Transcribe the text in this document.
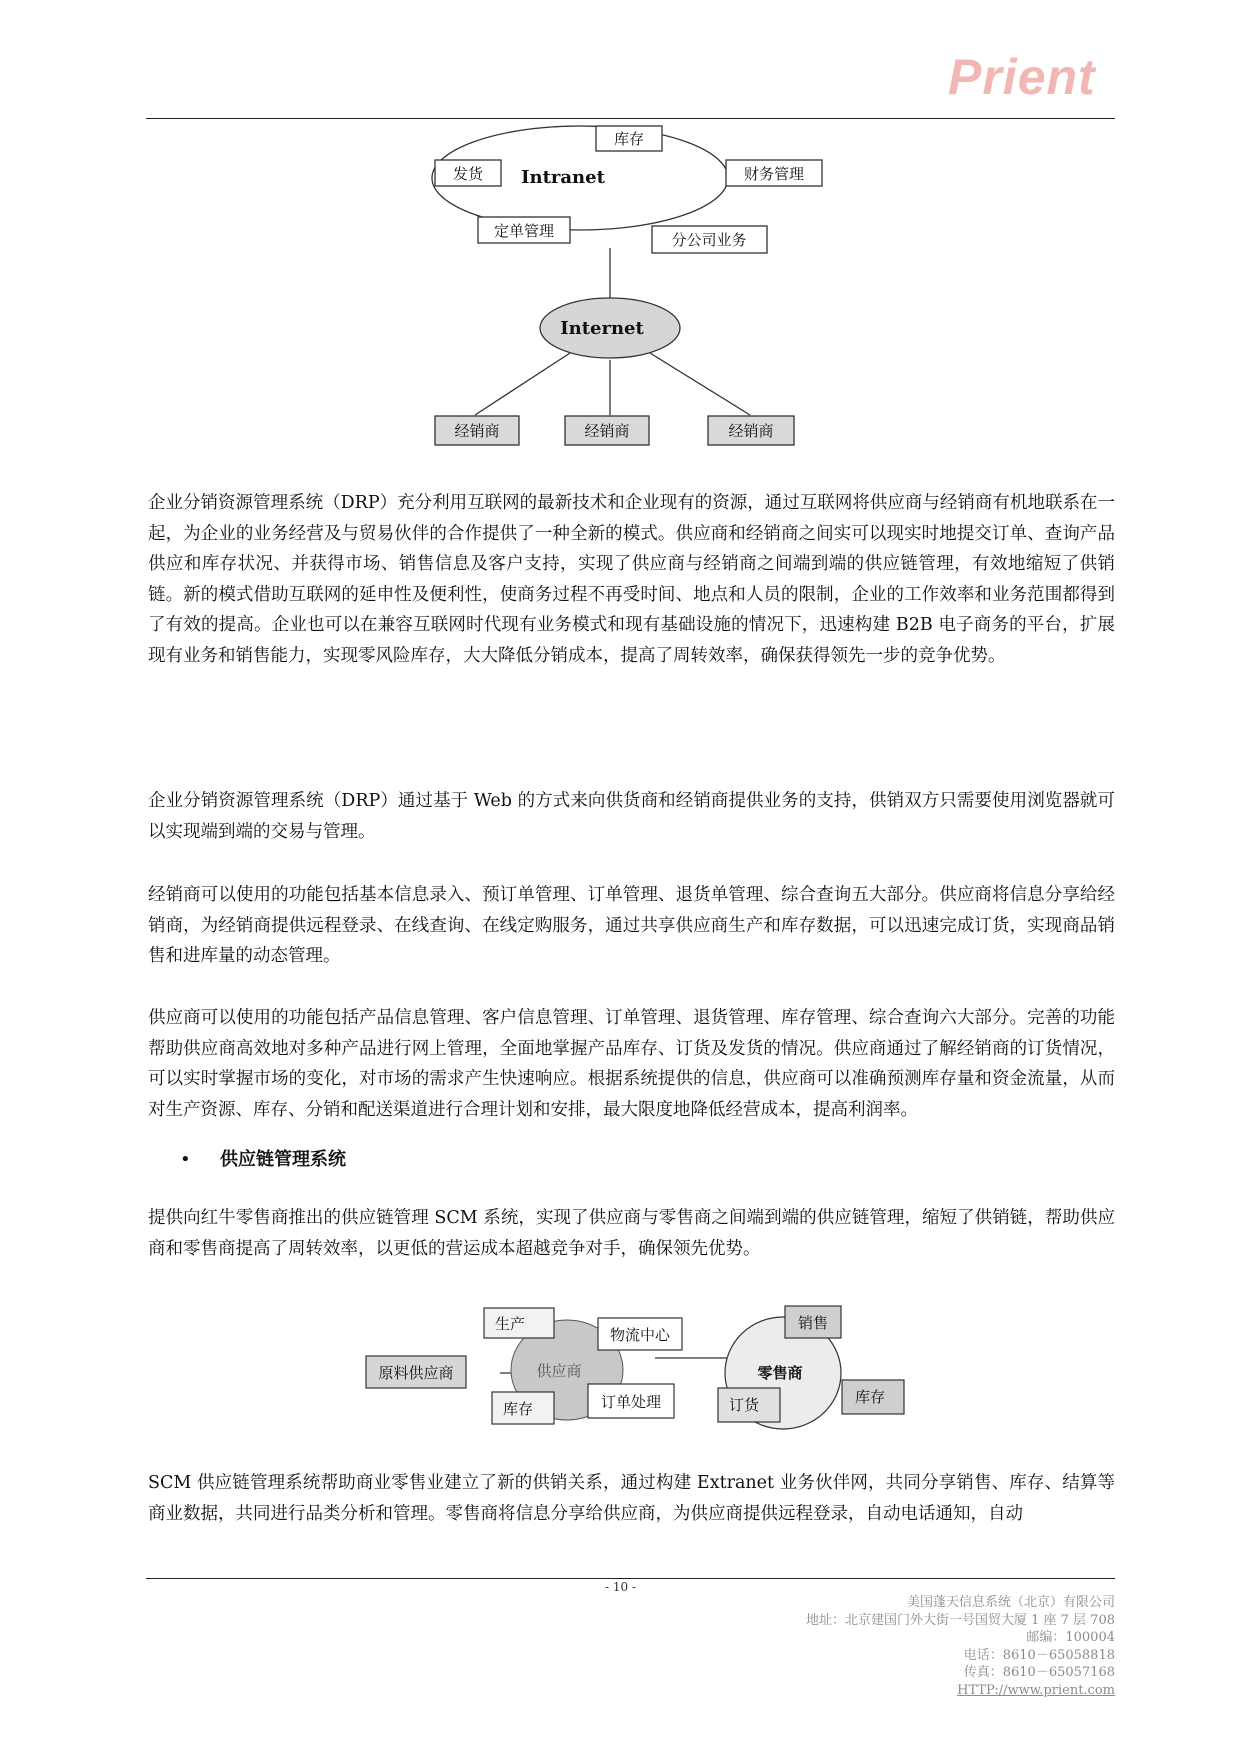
Prient
Intranet
库存
发货	财务管理
定单管理	分公司业务
Internet
经销商	经销商	经销商

企业分销资源管理系统（DRP）充分利用互联网的最新技术和企业现有的资源，通过互联网将供应商与经销商有机地联系在一起，为企业的业务经营及与贸易伙伴的合作提供了一种全新的模式。供应商和经销商之间实可以现实时地提交订单、查询产品供应和库存状况、并获得市场、销售信息及客户支持，实现了供应商与经销商之间端到端的供应链管理，有效地缩短了供销链。新的模式借助互联网的延申性及便利性，使商务过程不再受时间、地点和人员的限制，企业的工作效率和业务范围都得到了有效的提高。企业也可以在兼容互联网时代现有业务模式和现有基础设施的情况下，迅速构建 B2B 电子商务的平台，扩展现有业务和销售能力，实现零风险库存，大大降低分销成本，提高了周转效率，确保获得领先一步的竞争优势。

企业分销资源管理系统（DRP）通过基于 Web 的方式来向供货商和经销商提供业务的支持，供销双方只需要使用浏览器就可以实现端到端的交易与管理。

经销商可以使用的功能包括基本信息录入、预订单管理、订单管理、退货单管理、综合查询五大部分。供应商将信息分享给经销商，为经销商提供远程登录、在线查询、在线定购服务，通过共享供应商生产和库存数据，可以迅速完成订货，实现商品销售和进库量的动态管理。

供应商可以使用的功能包括产品信息管理、客户信息管理、订单管理、退货管理、库存管理、综合查询六大部分。完善的功能帮助供应商高效地对多种产品进行网上管理，全面地掌握产品库存、订货及发货的情况。供应商通过了解经销商的订货情况，可以实时掌握市场的变化，对市场的需求产生快速响应。根据系统提供的信息，供应商可以准确预测库存量和资金流量，从而对生产资源、库存、分销和配送渠道进行合理计划和安排，最大限度地降低经营成本，提高利润率。

• 供应链管理系统

提供向红牛零售商推出的供应链管理 SCM 系统，实现了供应商与零售商之间端到端的供应链管理，缩短了供销链，帮助供应商和零售商提高了周转效率，以更低的营运成本超越竞争对手，确保领先优势。

供应商	零售商
生产
物流中心
原料供应商
库存	订单处理
销售
订货	库存

SCM 供应链管理系统帮助商业零售业建立了新的供销关系，通过构建 Extranet 业务伙伴网，共同分享销售、库存、结算等商业数据，共同进行品类分析和管理。零售商将信息分享给供应商，为供应商提供远程登录，自动电话通知，自动

- 10 -
美国蓬天信息系统（北京）有限公司
地址：北京建国门外大街一号国贸大厦 1 座 7 层 708
邮编：100004
电话：8610－65058818
传真：8610－65057168
HTTP://www.prient.com
